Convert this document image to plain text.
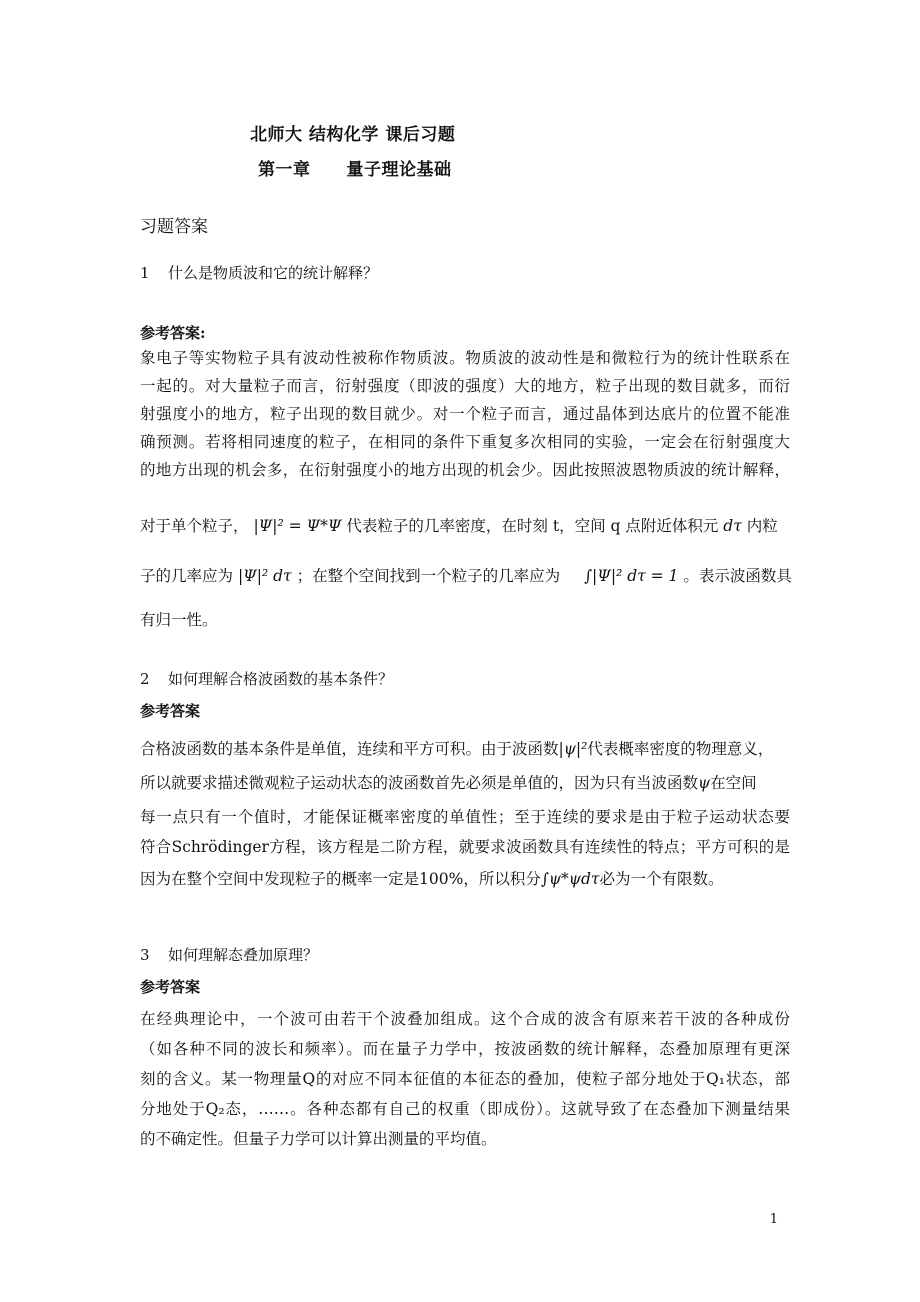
北师大 结构化学 课后习题
第一章 量子理论基础
习题答案
1 什么是物质波和它的统计解释？
参考答案:
象电子等实物粒子具有波动性被称作物质波。物质波的波动性是和微粒行为的统计性联系在
一起的。对大量粒子而言，衍射强度（即波的强度）大的地方，粒子出现的数目就多，而衍
射强度小的地方，粒子出现的数目就少。对一个粒子而言，通过晶体到达底片的位置不能准
确预测。若将相同速度的粒子，在相同的条件下重复多次相同的实验，一定会在衍射强度大
的地方出现的机会多，在衍射强度小的地方出现的机会少。因此按照波恩物质波的统计解释，
对于单个粒子， |Ψ|² = Ψ*Ψ 代表粒子的几率密度，在时刻 t，空间 q 点附近体积元 dτ 内粒
子的几率应为 |Ψ|² dτ ；在整个空间找到一个粒子的几率应为 ∫|Ψ|² dτ = 1 。表示波函数具
有归一性。
2 如何理解合格波函数的基本条件？
参考答案
合格波函数的基本条件是单值，连续和平方可积。由于波函数|ψ|²代表概率密度的物理意义，
所以就要求描述微观粒子运动状态的波函数首先必须是单值的，因为只有当波函数ψ在空间
每一点只有一个值时，才能保证概率密度的单值性；至于连续的要求是由于粒子运动状态要
符合Schrödinger方程，该方程是二阶方程，就要求波函数具有连续性的特点；平方可积的是
因为在整个空间中发现粒子的概率一定是100%，所以积分∫ψ*ψdτ必为一个有限数。
3 如何理解态叠加原理？
参考答案
在经典理论中，一个波可由若干个波叠加组成。这个合成的波含有原来若干波的各种成份
（如各种不同的波长和频率）。而在量子力学中，按波函数的统计解释，态叠加原理有更深
刻的含义。某一物理量Q的对应不同本征值的本征态的叠加，使粒子部分地处于Q₁状态，部
分地处于Q₂态，……。各种态都有自己的权重（即成份）。这就导致了在态叠加下测量结果
的不确定性。但量子力学可以计算出测量的平均值。
1
